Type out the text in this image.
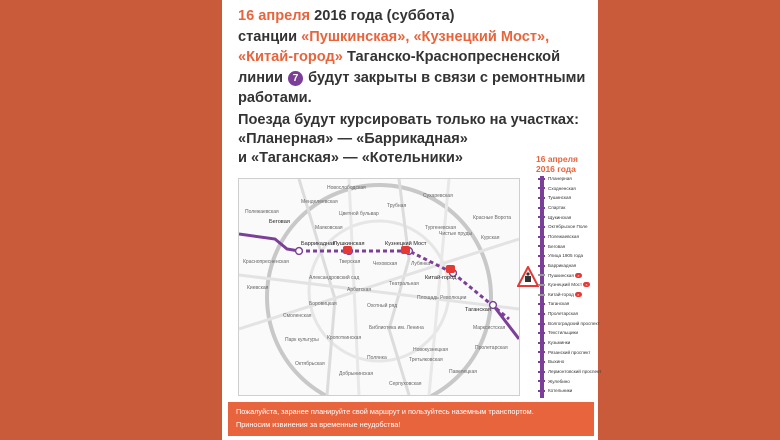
16 апреля 2016 года (суббота)
станции «Пушкинская», «Кузнецкий Мост»,
«Китай-город» Таганско-Краснопресненской
линии 7 будут закрыты в связи с ремонтными
работами.
Поезда будут курсировать только на участках:
«Планерная» — «Баррикадная»
и «Таганская» — «Котельники»
Беговая
Баррикадная
Пушкинская	Кузнецкий Мост
Китай-город
Таганская
Новослободская
Менделеевская
Цветной бульвар
Трубная
Сухаревская
Красные Ворота
Чистые пруды
Тургеневская
Маяковская
Чеховская
Тверская
Арбатская
Библиотека им. Ленина
Кропоткинская
Парк культуры
Октябрьская
Добрынинская
Серпуховская
Третьяковская
Новокузнецкая
Площадь Революции
Охотный ряд
Лубянка
Полежаевская
Краснопресненская
Смоленская
Киевская
Курская
Марксистская
Пролетарская
Павелецкая
Полянка
Боровицкая
Александровский сад
Театральная
16 апреля
2016 года
Планерная
Сходненская
Тушинская
Спартак
Щукинская
Октябрьское Поле
Полежаевская
Беговая
Улица 1905 года
Баррикадная
Пушкинская ×
Кузнецкий Мост ×
Китай-город ×
Таганская
Пролетарская
Волгоградский проспект
Текстильщики
Кузьминки
Рязанский проспект
Выхино
Лермонтовский проспект
Жулебино
Котельники
Пожалуйста, заранее планируйте свой маршрут и пользуйтесь наземным транспортом.
Приносим извинения за временные неудобства!
